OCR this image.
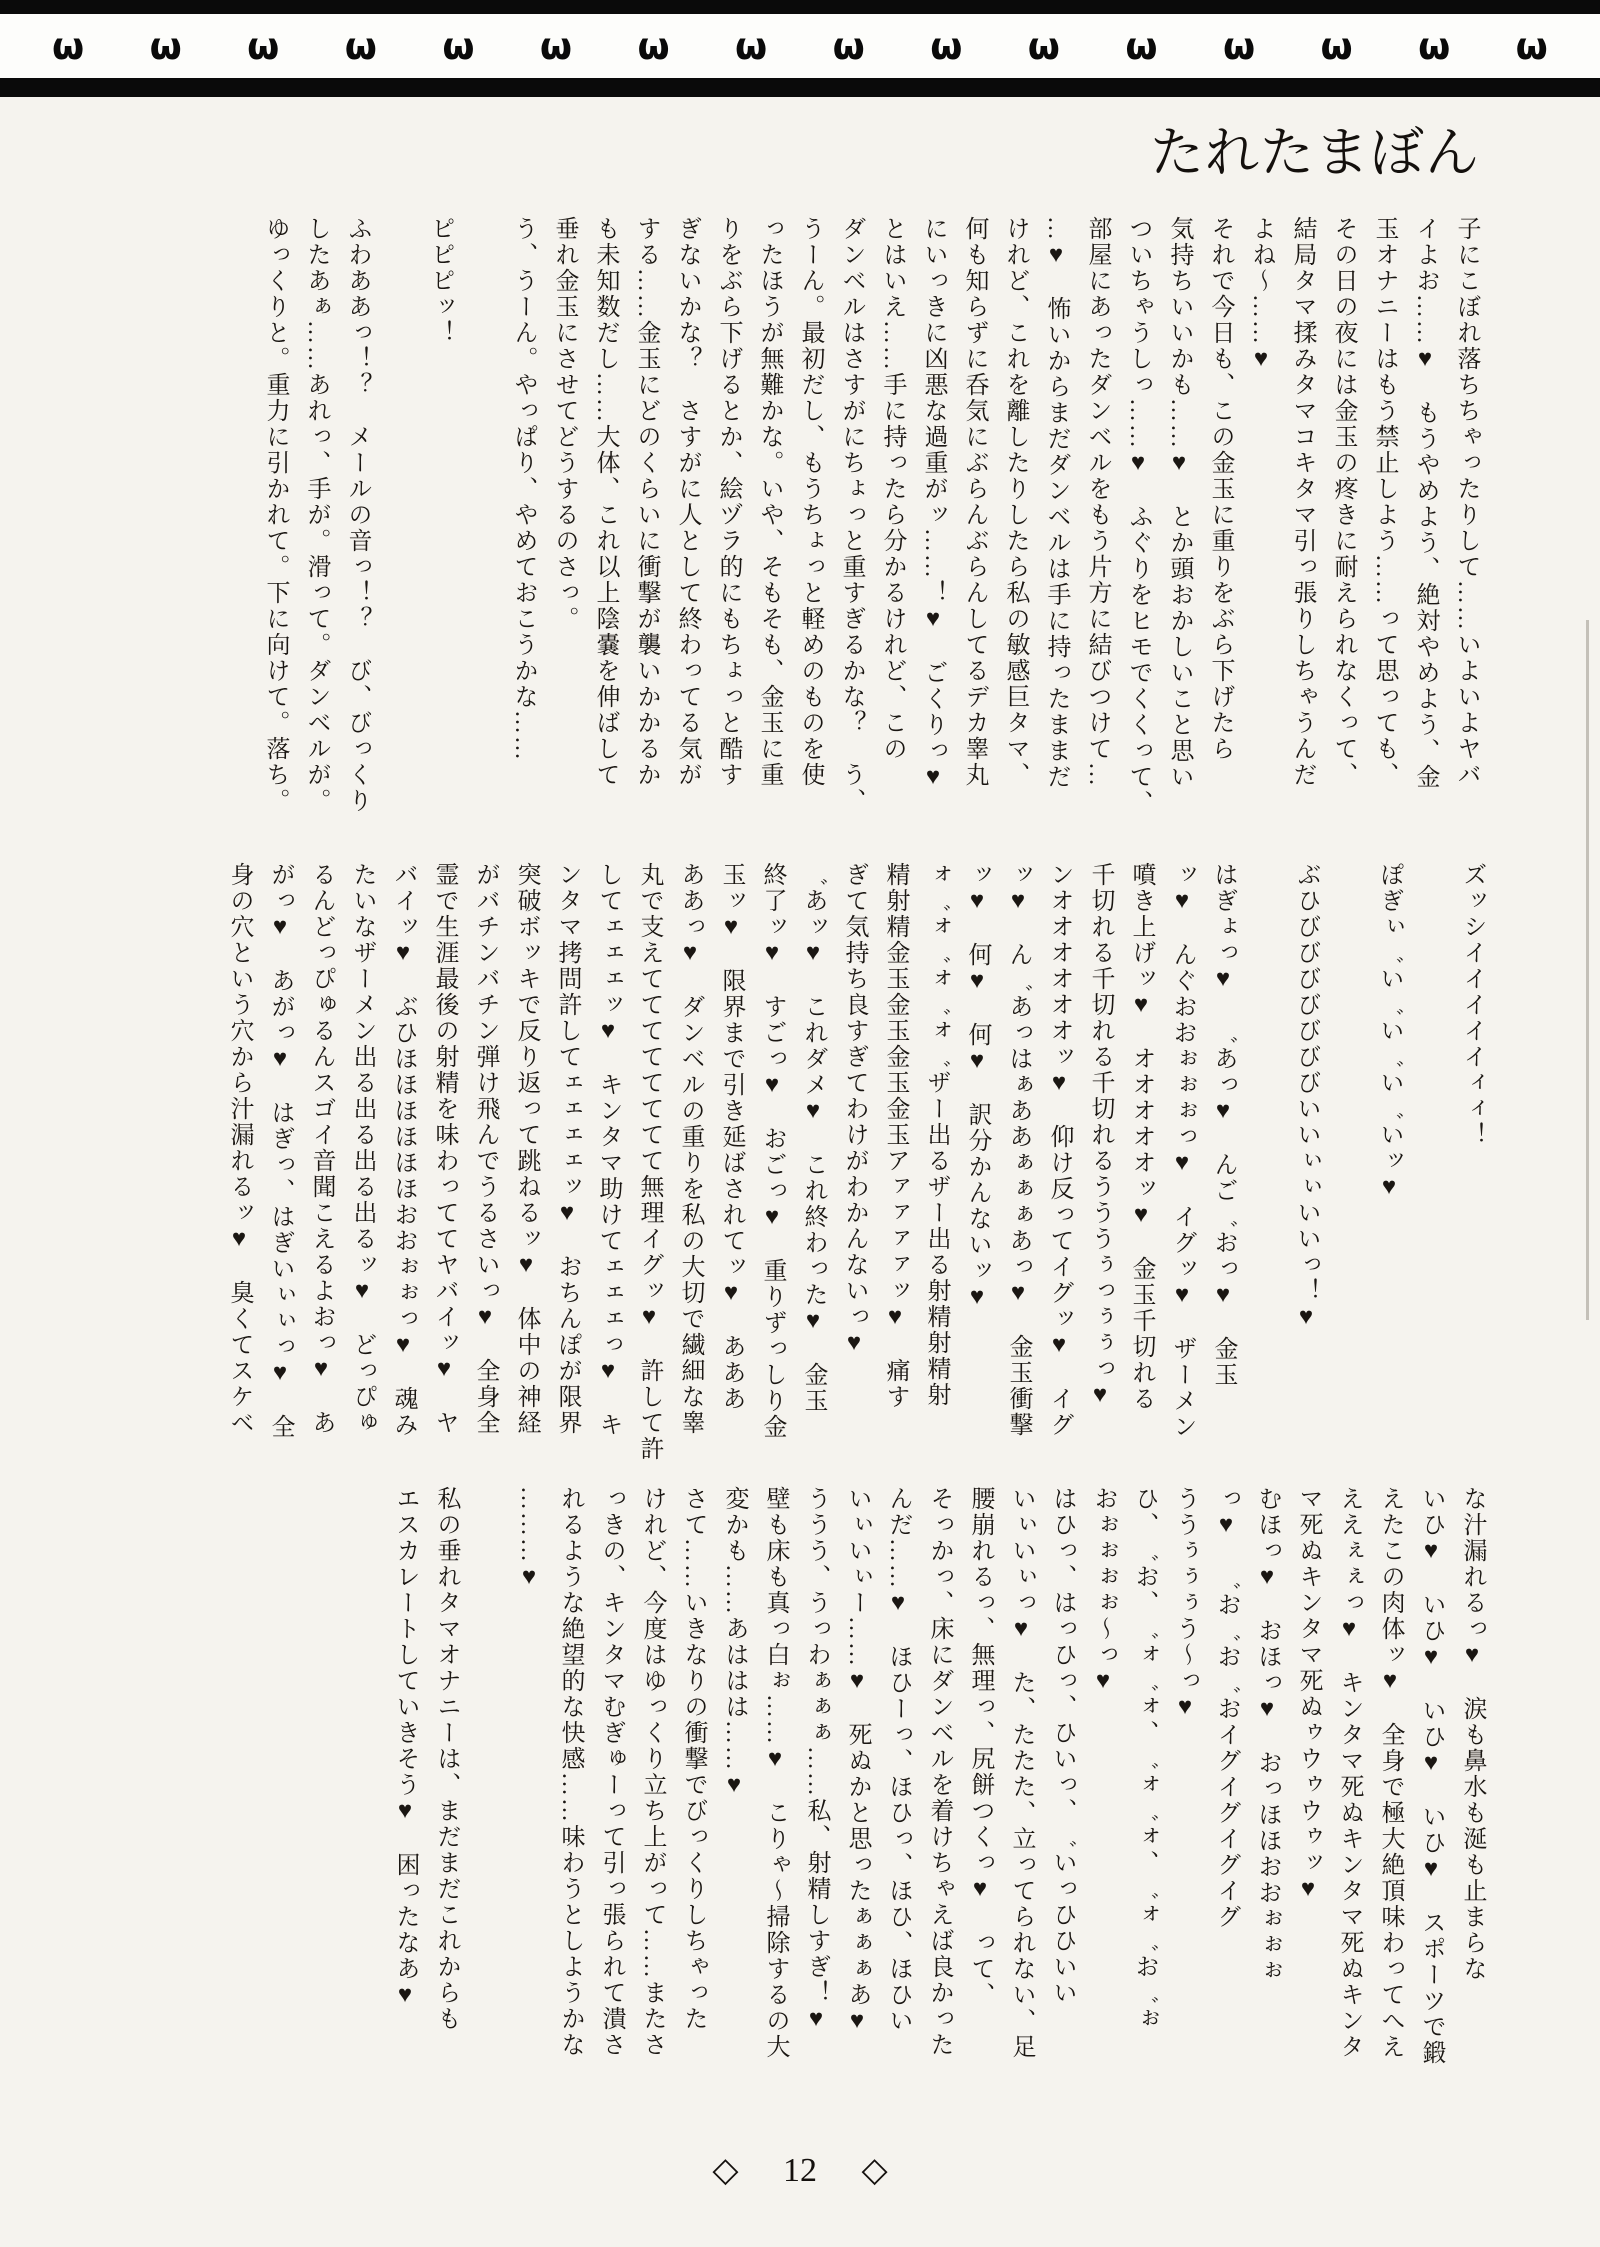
ω ω ω ω ω ω ω ω ω ω ω ω ω ω ω ω
たれたまぼん
子にこぼれ落ちちゃったりして……いよいよヤバ
イよお……♥　もうやめよう、絶対やめよう、金
玉オナニーはもう禁止しよう……って思っても、
その日の夜には金玉の疼きに耐えられなくって、
結局タマ揉みタマコキタマ引っ張りしちゃうんだ
よね〜……♥
それで今日も、この金玉に重りをぶら下げたら
気持ちいいかも……♥　とか頭おかしいこと思い
ついちゃうしっ……♥　ふぐりをヒモでくくって、
部屋にあったダンベルをもう片方に結びつけて…
…♥　怖いからまだダンベルは手に持ったままだ
けれど、これを離したりしたら私の敏感巨タマ、
何も知らずに呑気にぶらんぶらんしてるデカ睾丸
にいっきに凶悪な過重がッ……！♥　ごくりっ♥
とはいえ……手に持ったら分かるけれど、この
ダンベルはさすがにちょっと重すぎるかな？　う、
うーん。最初だし、もうちょっと軽めのものを使
ったほうが無難かな。いや、そもそも、金玉に重
りをぶら下げるとか、絵ヅラ的にもちょっと酷す
ぎないかな？　さすがに人として終わってる気が
する……金玉にどのくらいに衝撃が襲いかかるか
も未知数だし……大体、これ以上陰嚢を伸ばして
垂れ金玉にさせてどうするのさっ。
う、うーん。やっぱり、やめておこうかな……
ピピピッ！
ふわああっ！？　メールの音っ！？　び、びっくり
したあぁ……あれっ、手が。滑って。ダンベルが。
ゆっくりと。重力に引かれて。下に向けて。落ち。
ズッシイイイイイィィ！
ぽぎぃ゛い゛い゛い゛いッ♥
ぶひびびびびびびびいいぃぃいいっ！♥
はぎょっ♥　゛あっ♥　んご゛おっ♥　金玉
ッ♥　んぐおおぉぉぉっ♥　イグッ♥　ザーメン
噴き上げッ♥　オオオオオッ♥　金玉千切れる
千切れる千切れる千切れるうううぅっぅぅっ♥
ンオオオオオオッ♥　仰け反ってイグッ♥　イグ
ッ♥　ん゛あっはぁああぁぁぁあっ♥　金玉衝撃
ッ♥　何♥　何♥　訳分かんないッ♥
ォ゛ォ゛ォ゛ォ゛ザー出るザー出る射精射精射
精射精金玉金玉金玉金玉アァァァァッ♥　痛す
ぎて気持ち良すぎてわけがわかんないっ♥
゛あッ♥　これダメ♥　これ終わった♥　金玉
終了ッ♥　すごっ♥　おごっ♥　重りずっしり金
玉ッ♥　限界まで引き延ばされてッ♥　あああ
ああっ♥　ダンベルの重りを私の大切で繊細な睾
丸で支えてててててててて無理イグッ♥　許して許
してェェェッ♥　キンタマ助けてェェェっ♥　キ
ンタマ拷問許してェェェェッ♥　おちんぽが限界
突破ボッキで反り返って跳ねるッ♥　体中の神経
がバチンバチン弾け飛んでうるさいっ♥　全身全
霊で生涯最後の射精を味わっててヤバイッ♥　ヤ
バイッ♥　ぶひほほほほほほおおぉぉっ♥　魂み
たいなザーメン出る出る出る出るッ♥　どっぴゅ
るんどっぴゅるんスゴイ音聞こえるよおっ♥　あ
がっ♥　あがっ♥　はぎっ、はぎいぃぃっ♥　全
身の穴という穴から汁漏れるッ♥　臭くてスケベ
な汁漏れるっ♥　涙も鼻水も涎も止まらな
いひ♥　いひ♥　いひ♥　いひ♥　スポーツで鍛
えたこの肉体ッ♥　全身で極大絶頂味わってへえ
ええぇぇっ♥　キンタマ死ぬキンタマ死ぬキンタ
マ死ぬキンタマ死ぬゥウゥウゥッ♥
むほっ♥　おほっ♥　おっほほおおぉぉぉ
っ♥　゛お゛お゛おイグイグイグイグ
ううぅぅぅう〜っ♥
ひ、゛お、゛ォ゛ォ、゛ォ゛ォ、゛ォ゛お゛ぉ
おぉぉぉぉ〜っ♥
はひっ、はっひっ、ひいっ、゛いっひひいい
いぃいぃっ♥　た、たたた、立ってられない、足
腰崩れるっ、無理っ、尻餅つくっ♥　って、
そっかっ、床にダンベルを着けちゃえば良かった
んだ……♥　ほひーっ、ほひっ、ほひ、ほひい
いぃいぃー……♥　死ぬかと思ったぁぁぁあ♥
ううう、うっわぁぁぁ……私、射精しすぎ！♥
壁も床も真っ白ぉ……♥　こりゃ〜掃除するの大
変かも……あははは……♥
さて……いきなりの衝撃でびっくりしちゃった
けれど、今度はゆっくり立ち上がって……またさ
っきの、キンタマむぎゅーって引っ張られて潰さ
れるような絶望的な快感……味わうとしようかな
………♥
私の垂れタマオナニーは、まだまだこれからも
エスカレートしていきそう♥　困ったなあ♥
◇ 12 ◇
